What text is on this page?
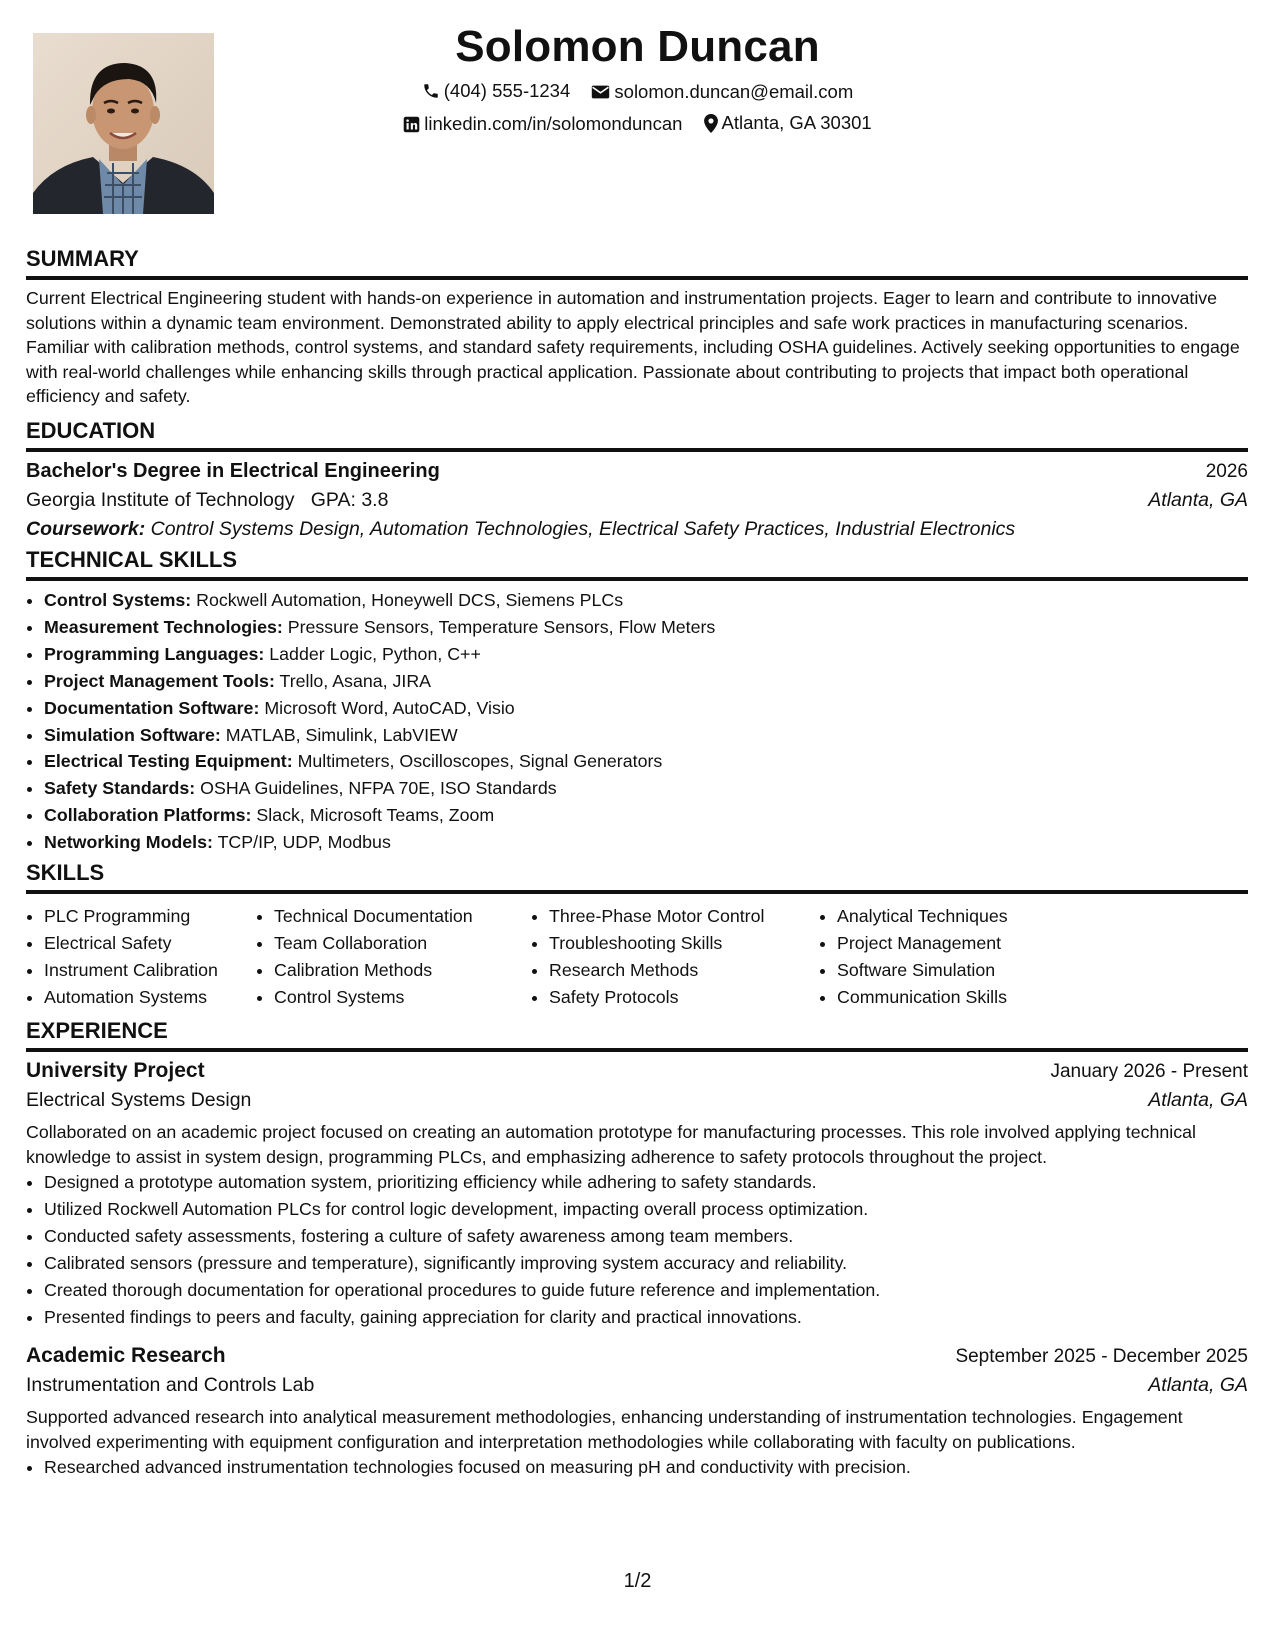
Solomon Duncan
(404) 555-1234
solomon.duncan@email.com
linkedin.com/in/solomonduncan
Atlanta, GA 30301
SUMMARY
Current Electrical Engineering student with hands-on experience in automation and instrumentation projects. Eager to learn and contribute to innovative solutions within a dynamic team environment. Demonstrated ability to apply electrical principles and safe work practices in manufacturing scenarios. Familiar with calibration methods, control systems, and standard safety requirements, including OSHA guidelines. Actively seeking opportunities to engage with real-world challenges while enhancing skills through practical application. Passionate about contributing to projects that impact both operational efficiency and safety.
EDUCATION
Bachelor's Degree in Electrical Engineering	2026
Georgia Institute of Technology GPA: 3.8	Atlanta, GA
Coursework: Control Systems Design, Automation Technologies, Electrical Safety Practices, Industrial Electronics
TECHNICAL SKILLS
• Control Systems: Rockwell Automation, Honeywell DCS, Siemens PLCs
• Measurement Technologies: Pressure Sensors, Temperature Sensors, Flow Meters
• Programming Languages: Ladder Logic, Python, C++
• Project Management Tools: Trello, Asana, JIRA
• Documentation Software: Microsoft Word, AutoCAD, Visio
• Simulation Software: MATLAB, Simulink, LabVIEW
• Electrical Testing Equipment: Multimeters, Oscilloscopes, Signal Generators
• Safety Standards: OSHA Guidelines, NFPA 70E, ISO Standards
• Collaboration Platforms: Slack, Microsoft Teams, Zoom
• Networking Models: TCP/IP, UDP, Modbus
SKILLS
• PLC Programming
• Electrical Safety
• Instrument Calibration
• Automation Systems
• Technical Documentation
• Team Collaboration
• Calibration Methods
• Control Systems
• Three-Phase Motor Control
• Troubleshooting Skills
• Research Methods
• Safety Protocols
• Analytical Techniques
• Project Management
• Software Simulation
• Communication Skills
EXPERIENCE
University Project	January 2026 - Present
Electrical Systems Design	Atlanta, GA
Collaborated on an academic project focused on creating an automation prototype for manufacturing processes. This role involved applying technical knowledge to assist in system design, programming PLCs, and emphasizing adherence to safety protocols throughout the project.
• Designed a prototype automation system, prioritizing efficiency while adhering to safety standards.
• Utilized Rockwell Automation PLCs for control logic development, impacting overall process optimization.
• Conducted safety assessments, fostering a culture of safety awareness among team members.
• Calibrated sensors (pressure and temperature), significantly improving system accuracy and reliability.
• Created thorough documentation for operational procedures to guide future reference and implementation.
• Presented findings to peers and faculty, gaining appreciation for clarity and practical innovations.
Academic Research	September 2025 - December 2025
Instrumentation and Controls Lab	Atlanta, GA
Supported advanced research into analytical measurement methodologies, enhancing understanding of instrumentation technologies. Engagement involved experimenting with equipment configuration and interpretation methodologies while collaborating with faculty on publications.
• Researched advanced instrumentation technologies focused on measuring pH and conductivity with precision.
1/2
